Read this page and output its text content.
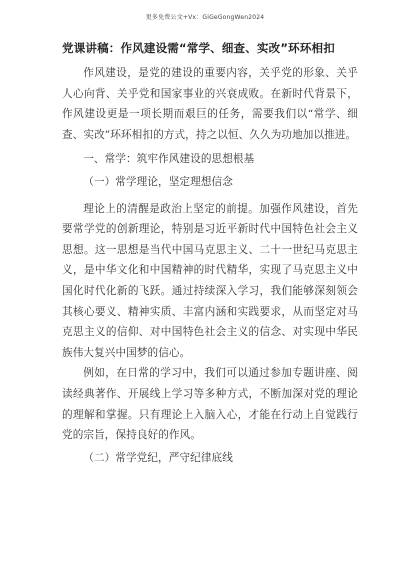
更多免费公文+Vx：GiGeGongWen2024
党课讲稿：作风建设需“常学、细查、实改”环环相扣

作风建设，是党的建设的重要内容，关乎党的形象、关乎人心向背、关乎党和国家事业的兴衰成败。在新时代背景下，作风建设更是一项长期而艰巨的任务，需要我们以“常学、细查、实改”环环相扣的方式，持之以恒、久久为功地加以推进。

一、常学：筑牢作风建设的思想根基

（一）常学理论，坚定理想信念

理论上的清醒是政治上坚定的前提。加强作风建设，首先要常学党的创新理论，特别是习近平新时代中国特色社会主义思想。这一思想是当代中国马克思主义、二十一世纪马克思主义，是中华文化和中国精神的时代精华，实现了马克思主义中国化时代化新的飞跃。通过持续深入学习，我们能够深刻领会其核心要义、精神实质、丰富内涵和实践要求，从而坚定对马克思主义的信仰、对中国特色社会主义的信念、对实现中华民族伟大复兴中国梦的信心。

例如，在日常的学习中，我们可以通过参加专题讲座、阅读经典著作、开展线上学习等多种方式，不断加深对党的理论的理解和掌握。只有理论上入脑入心，才能在行动上自觉践行党的宗旨，保持良好的作风。

（二）常学党纪，严守纪律底线
